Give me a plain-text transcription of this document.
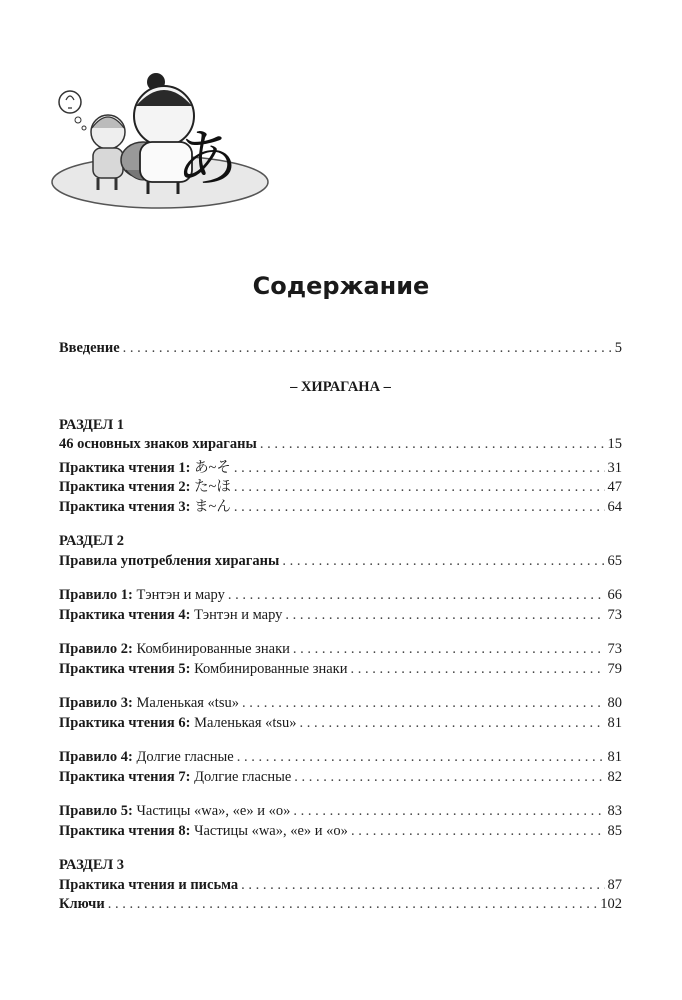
あ
Содержание
Введение . . .	5
– ХИРАГАНА –
РАЗДЕЛ 1
46 основных знаков хираганы . . .	15
Практика чтения 1: あ~そ . . .	31
Практика чтения 2: た~ほ . . .	47
Практика чтения 3: ま~ん . . .	64
РАЗДЕЛ 2
Правила употребления хираганы . . .	65
Правило 1: Тэнтэн и мару . . .	66
Практика чтения 4: Тэнтэн и мару . . .	73
Правило 2: Комбинированные знаки . . .	73
Практика чтения 5: Комбинированные знаки . . .	79
Правило 3: Маленькая «tsu» . . .	80
Практика чтения 6: Маленькая «tsu» . . .	81
Правило 4: Долгие гласные . . .	81
Практика чтения 7: Долгие гласные . . .	82
Правило 5: Частицы «wa», «e» и «o» . . .	83
Практика чтения 8: Частицы «wa», «e» и «o» . . .	85
РАЗДЕЛ 3
Практика чтения и письма . . .	87
Ключи . . .	102
